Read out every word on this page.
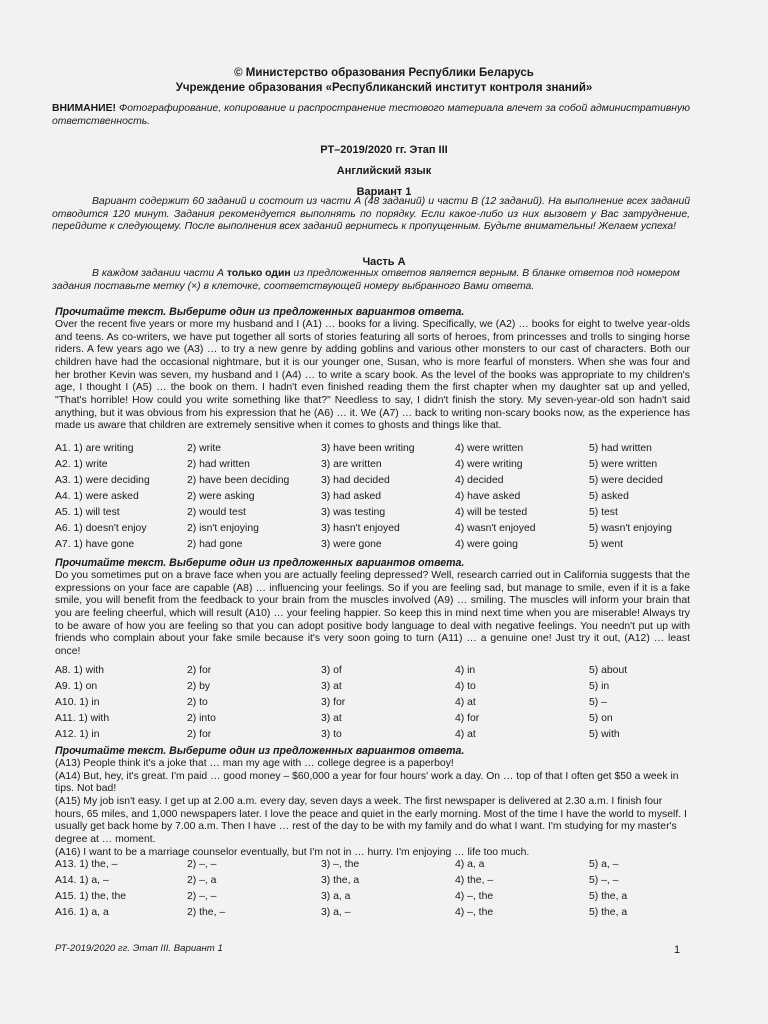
© Министерство образования Республики Беларусь
Учреждение образования «Республиканский институт контроля знаний»
ВНИМАНИЕ! Фотографирование, копирование и распространение тестового материала влечет за собой административную ответственность.
РТ–2019/2020 гг. Этап III
Английский язык
Вариант 1
Вариант содержит 60 заданий и состоит из части А (48 заданий) и части В (12 заданий). На выполнение всех заданий отводится 120 минут. Задания рекомендуется выполнять по порядку. Если какое-либо из них вызовет у Вас затруднение, перейдите к следующему. После выполнения всех заданий вернитесь к пропущенным. Будьте внимательны! Желаем успеха!
Часть А
В каждом задании части А только один из предложенных ответов является верным. В бланке ответов под номером задания поставьте метку (×) в клеточке, соответствующей номеру выбранного Вами ответа.
Прочитайте текст. Выберите один из предложенных вариантов ответа.
Over the recent five years or more my husband and I (A1) … books for a living. Specifically, we (A2) … books for eight to twelve year-olds and teens. As co-writers, we have put together all sorts of stories featuring all sorts of heroes, from princesses and trolls to singing horse riders. A few years ago we (A3) … to try a new genre by adding goblins and various other monsters to our cast of characters. Both our children have had the occasional nightmare, but it is our younger one, Susan, who is more fearful of monsters. When she was four and her brother Kevin was seven, my husband and I (A4) … to write a scary book. As the level of the books was appropriate to my children's age, I thought I (A5) … the book on them. I hadn't even finished reading them the first chapter when my daughter sat up and yelled, "That's horrible! How could you write something like that?" Needless to say, I didn't finish the story. My seven-year-old son hadn't said anything, but it was obvious from his expression that he (A6) … it. We (A7) … back to writing non-scary books now, as the experience has made us aware that children are extremely sensitive when it comes to ghosts and things like that.
A1. 1) are writing	2) write	3) have been writing	4) were written	5) had written
A2. 1) write	2) had written	3) are written	4) were writing	5) were written
A3. 1) were deciding	2) have been deciding	3) had decided	4) decided	5) were decided
A4. 1) were asked	2) were asking	3) had asked	4) have asked	5) asked
A5. 1) will test	2) would test	3) was testing	4) will be tested	5) test
A6. 1) doesn't enjoy	2) isn't enjoying	3) hasn't enjoyed	4) wasn't enjoyed	5) wasn't enjoying
A7. 1) have gone	2) had gone	3) were gone	4) were going	5) went
Прочитайте текст. Выберите один из предложенных вариантов ответа.
Do you sometimes put on a brave face when you are actually feeling depressed? Well, research carried out in California suggests that the expressions on your face are capable (A8) … influencing your feelings. So if you are feeling sad, but manage to smile, even if it is a fake smile, you will benefit from the feedback to your brain from the muscles involved (A9) … smiling. The muscles will inform your brain that you are feeling cheerful, which will result (A10) … your feeling happier. So keep this in mind next time when you are miserable! Always try to be aware of how you are feeling so that you can adopt positive body language to deal with negative feelings. You needn't put up with friends who complain about your fake smile because it's very soon going to turn (A11) … a genuine one! Just try it out, (A12) … least once!
A8. 1) with	2) for	3) of	4) in	5) about
A9. 1) on	2) by	3) at	4) to	5) in
A10. 1) in	2) to	3) for	4) at	5) –
A11. 1) with	2) into	3) at	4) for	5) on
A12. 1) in	2) for	3) to	4) at	5) with
Прочитайте текст. Выберите один из предложенных вариантов ответа.

(A13) People think it's a joke that … man my age with … college degree is a paperboy!

(A14) But, hey, it's great. I'm paid … good money – $60,000 a year for four hours' work a day. On … top of that I often get $50 a week in tips. Not bad!

(A15) My job isn't easy. I get up at 2.00 a.m. every day, seven days a week. The first newspaper is delivered at 2.30 a.m. I finish four hours, 65 miles, and 1,000 newspapers later. I love the peace and quiet in the early morning. Most of the time I have the world to myself. I usually get back home by 7.00 a.m. Then I have … rest of the day to be with my family and do what I want. I'm studying for my master's degree at … moment.

(A16) I want to be a marriage counselor eventually, but I'm not in … hurry. I'm enjoying … life too much.

A13. 1) the, –	2) –, –	3) –, the	4) a, a	5) a, –
A14. 1) a, –	2) –, a	3) the, a	4) the, –	5) –, –
A15. 1) the, the	2) –, –	3) a, a	4) –, the	5) the, a
A16. 1) a, a	2) the, –	3) a, –	4) –, the	5) the, a
РТ-2019/2020 гг. Этап III. Вариант 1	1
